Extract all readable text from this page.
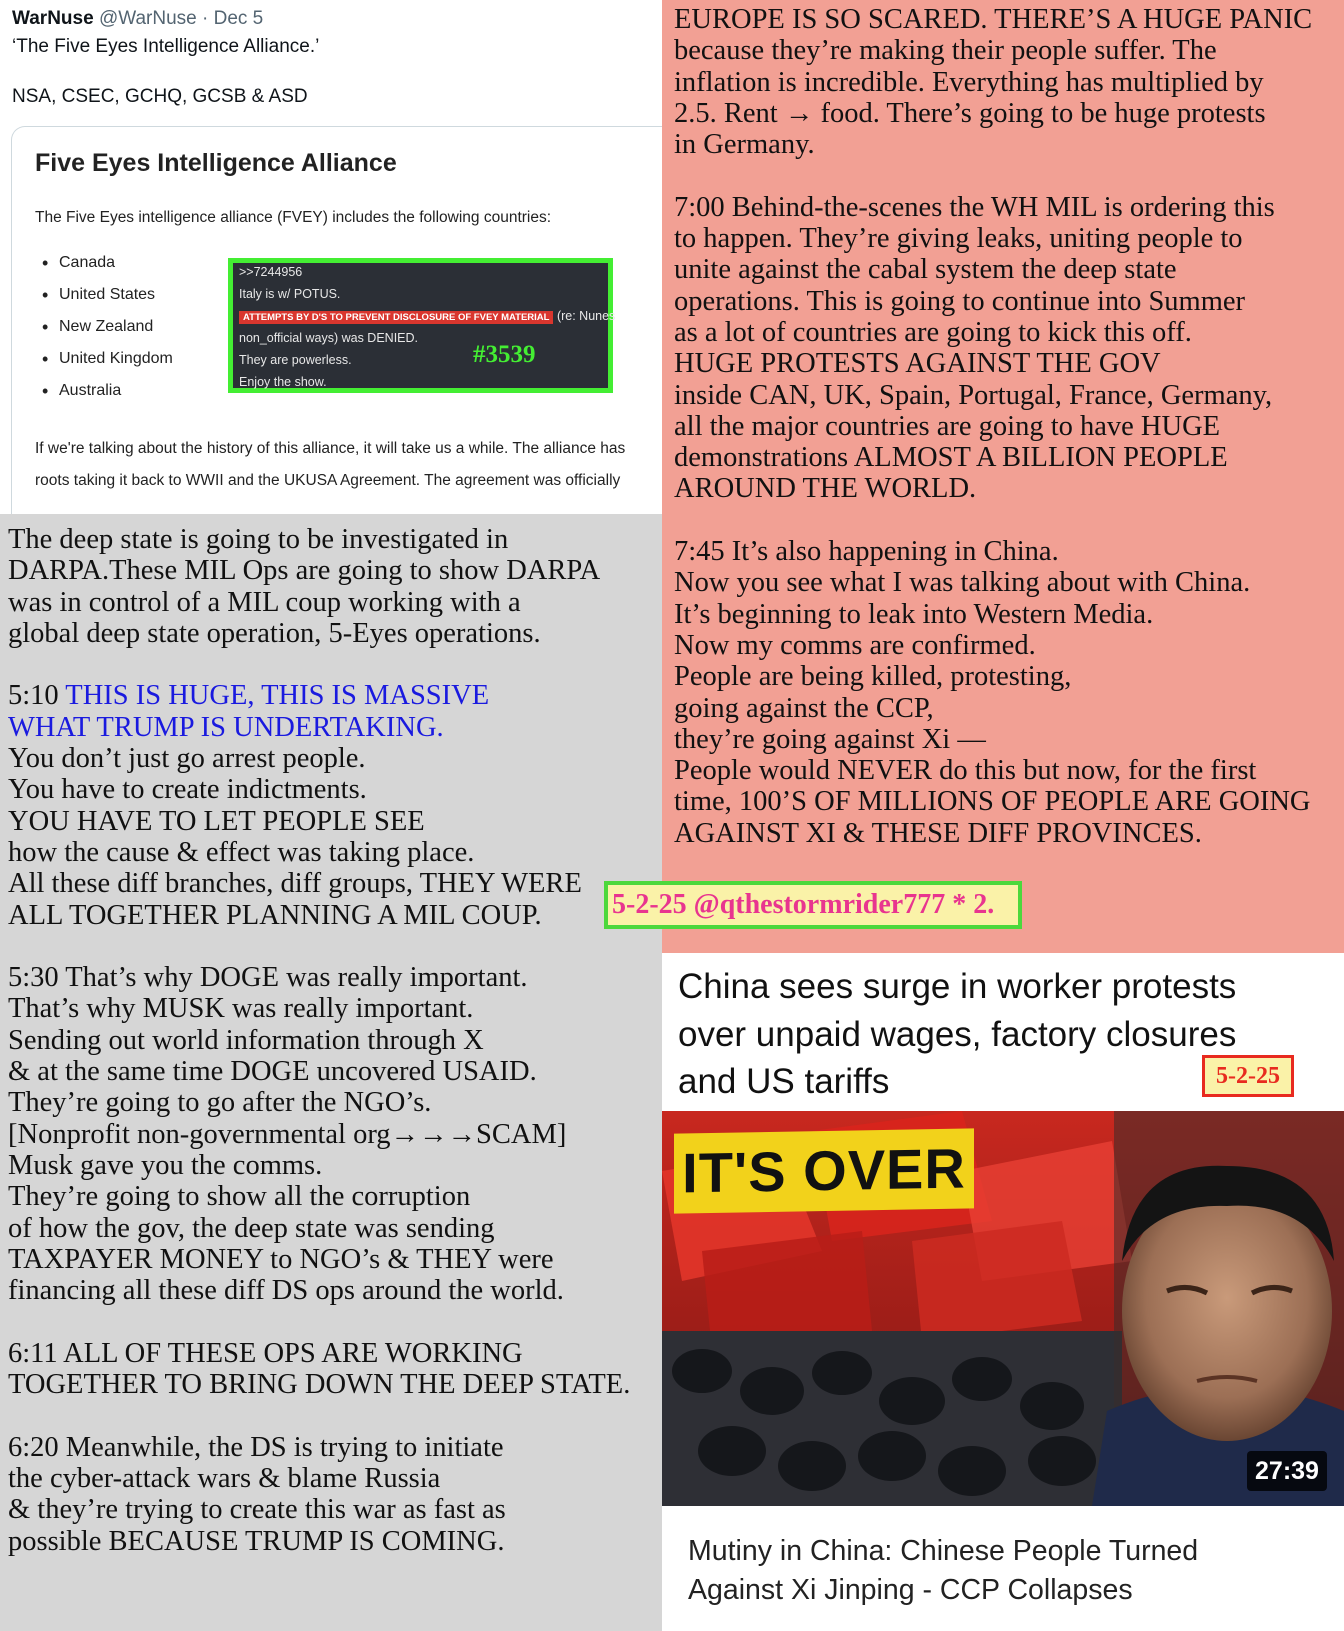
WarNuse @WarNuse · Dec 5
‘The Five Eyes Intelligence Alliance.’
NSA, CSEC, GCHQ, GCSB & ASD
Five Eyes Intelligence Alliance
The Five Eyes intelligence alliance (FVEY) includes the following countries:
• Canada
• United States
• New Zealand
• United Kingdom
• Australia
>>7244956
Italy is w/ POTUS.
ATTEMPTS BY D'S TO PREVENT DISCLOSURE OF FVEY MATERIAL (re: Nunes
non_official ways) was DENIED.
They are powerless.
Enjoy the show.
#3539
If we're talking about the history of this alliance, it will take us a while. The alliance has
roots taking it back to WWII and the UKUSA Agreement. The agreement was officially
EUROPE IS SO SCARED. THERE’S A HUGE PANIC
because they’re making their people suffer. The
inflation is incredible. Everything has multiplied by
2.5. Rent → food. There’s going to be huge protests
in Germany.

7:00 Behind-the-scenes the WH MIL is ordering this
to happen. They’re giving leaks, uniting people to
unite against the cabal system the deep state
operations. This is going to continue into Summer
as a lot of countries are going to kick this off.
HUGE PROTESTS AGAINST THE GOV
inside CAN, UK, Spain, Portugal, France, Germany,
all the major countries are going to have HUGE
demonstrations ALMOST A BILLION PEOPLE
AROUND THE WORLD.

7:45 It’s also happening in China.
Now you see what I was talking about with China.
It’s beginning to leak into Western Media.
Now my comms are confirmed.
People are being killed, protesting,
going against the CCP,
they’re going against Xi —
People would NEVER do this but now, for the first
time, 100’S OF MILLIONS OF PEOPLE ARE GOING
AGAINST XI & THESE DIFF PROVINCES.
The deep state is going to be investigated in
DARPA.These MIL Ops are going to show DARPA
was in control of a MIL coup working with a
global deep state operation, 5-Eyes operations.

5:10 THIS IS HUGE, THIS IS MASSIVE
WHAT TRUMP IS UNDERTAKING.
You don’t just go arrest people.
You have to create indictments.
YOU HAVE TO LET PEOPLE SEE
how the cause & effect was taking place.
All these diff branches, diff groups, THEY WERE
ALL TOGETHER PLANNING A MIL COUP.

5:30 That’s why DOGE was really important.
That’s why MUSK was really important.
Sending out world information through X
& at the same time DOGE uncovered USAID.
They’re going to go after the NGO’s.
[Nonprofit non-governmental org→→→SCAM]
Musk gave you the comms.
They’re going to show all the corruption
of how the gov, the deep state was sending
TAXPAYER MONEY to NGO’s & THEY were
financing all these diff DS ops around the world.

6:11 ALL OF THESE OPS ARE WORKING
TOGETHER TO BRING DOWN THE DEEP STATE.

6:20 Meanwhile, the DS is trying to initiate
the cyber-attack wars & blame Russia
& they’re trying to create this war as fast as
possible BECAUSE TRUMP IS COMING.
5-2-25 @qthestormrider777 * 2.
China sees surge in worker protests
over unpaid wages, factory closures
and US tariffs	5-2-25
IT'S OVER
27:39
Mutiny in China: Chinese People Turned
Against Xi Jinping - CCP Collapses
